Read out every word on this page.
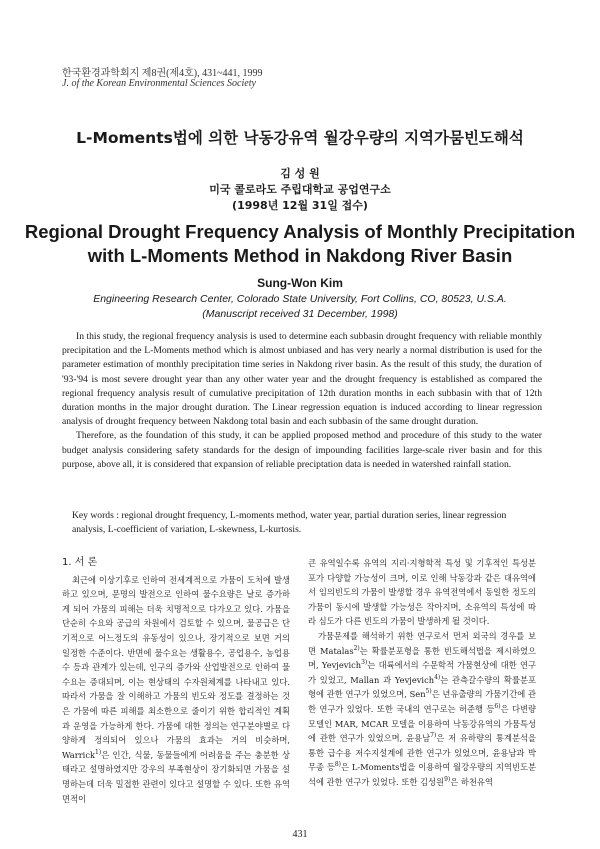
한국환경과학회지 제8권(제4호), 431~441, 1999
J. of the Korean Environmental Sciences Society
L-Moments법에 의한 낙동강유역 월강우량의 지역가뭄빈도해석
김 성 원
미국 콜로라도 주립대학교 공업연구소
(1998년 12월 31일 접수)
Regional Drought Frequency Analysis of Monthly Precipitation
with L-Moments Method in Nakdong River Basin
Sung-Won Kim
Engineering Research Center, Colorado State University, Fort Collins, CO, 80523, U.S.A.
(Manuscript received 31 December, 1998)

In this study, the regional frequency analysis is used to determine each subbasin drought frequency with reliable monthly precipitation and the L-Moments method which is almost unbiased and has very nearly a normal distribution is used for the parameter estimation of monthly precipitation time series in Nakdong river basin. As the result of this study, the duration of '93-'94 is most severe drought year than any other water year and the drought frequency is established as compared the regional frequency analysis result of cumulative precipitation of 12th duration months in each subbasin with that of 12th duration months in the major drought duration. The Linear regression equation is induced according to linear regression analysis of drought frequency between Nakdong total basin and each subbasin of the same drought duration.

Therefore, as the foundation of this study, it can be applied proposed method and procedure of this study to the water budget analysis considering safety standards for the design of impounding facilities large-scale river basin and for this purpose, above all, it is considered that expansion of reliable preciptation data is needed in watershed rainfall station.

Key words : regional drought frequency, L-moments method, water year, partial duration series, linear regression analysis, L-coefficient of variation, L-skewness, L-kurtosis.
1. 서 론

최근에 이상기후로 인하여 전세계적으로 가뭄이 도처에 발생하고 있으며, 문명의 발전으로 인하여 물수요량은 날로 증가하게 되어 가뭄의 피해는 더욱 치명적으로 다가오고 있다. 가뭄을 단순히 수요와 공급의 차원에서 검토할 수 있으며, 물공급은 단기적으로 어느정도의 유동성이 있으나, 장기적으로 보면 거의 일정한 수준이다. 반면에 물수요는 생활용수, 공업용수, 농업용수 등과 관계가 있는데, 인구의 증가와 산업발전으로 인하여 물수요는 증대되며, 이는 현상태의 수자원체계를 나타내고 있다. 따라서 가뭄을 잘 이해하고 가뭄의 빈도와 정도를 결정하는 것은 가뭄에 따른 피해를 최소한으로 줄이기 위한 합리적인 계획과 운영을 가능하게 한다. 가뭄에 대한 정의는 연구분야별로 다양하게 정의되어 있으나 가뭄의 효과는 거의 비슷하며, Warrick$^{1)}$은 인간, 식물, 동물들에게 어려움을 주는 충분한 상태라고 설명하였지만 강우의 부족현상이 장기화되면 가뭄을 설명하는데 더욱 밀접한 관련이 있다고 설명할 수 있다. 또한 유역면적이

큰 유역일수록 유역의 지리·지형학적 특성 및 기후적인 특성분포가 다양할 가능성이 크며, 이로 인해 낙동강과 같은 대유역에서 임의빈도의 가뭄이 발생할 경우 유역전역에서 동일한 정도의 가뭄이 동시에 발생할 가능성은 작아지며, 소유역의 특성에 따라 심도가 다른 빈도의 가뭄이 발생하게 될 것이다.

가뭄문제를 해석하기 위한 연구로서 먼저 외국의 경우를 보면 Matalas$^{2)}$는 확률분포형을 통한 빈도해석법을 제시하였으며, Yevjevich$^{3)}$는 대륙에서의 수문학적 가뭄현상에 대한 연구가 있었고, Mallan 과 Yevjevich$^{4)}$는 관측갈수량의 확률분포형에 관한 연구가 있었으며, Sen$^{5)}$은 년유출량의 가뭄기간에 관한 연구가 있었다. 또한 국내의 연구로는 허준행 등$^{6)}$은 다변량모델인 MAR, MCAR 모델을 이용하여 낙동강유역의 가뭄특성에 관한 연구가 있었으며, 윤용남$^{7)}$은 저 유하량의 통계분석을 통한 급수용 저수지설계에 관한 연구가 있었으며, 윤용남과 박무종 등$^{8)}$은 L-Moments법을 이용하여 월강우량의 지역빈도분석에 관한 연구가 있었다. 또한 김성원$^{9)}$은 하천유역

431
